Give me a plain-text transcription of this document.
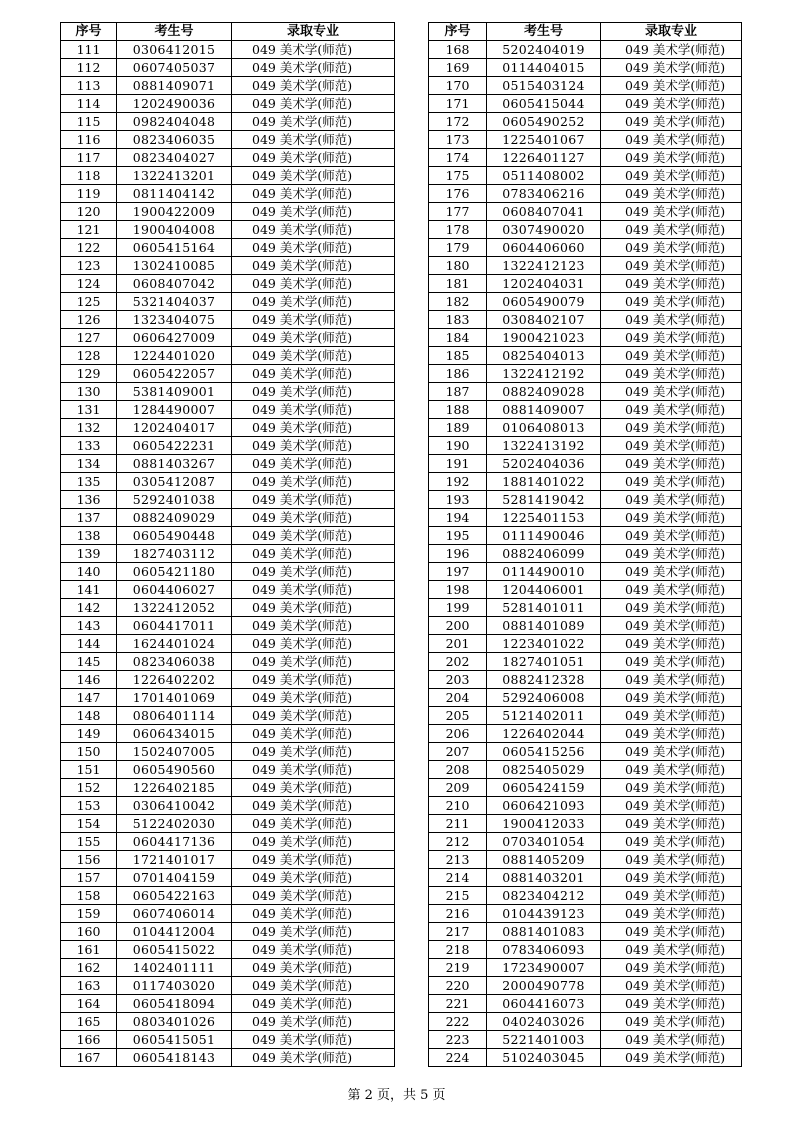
序号	考生号	录取专业
111	0306412015	049 美术学(师范)
112	0607405037	049 美术学(师范)
113	0881409071	049 美术学(师范)
114	1202490036	049 美术学(师范)
115	0982404048	049 美术学(师范)
116	0823406035	049 美术学(师范)
117	0823404027	049 美术学(师范)
118	1322413201	049 美术学(师范)
119	0811404142	049 美术学(师范)
120	1900422009	049 美术学(师范)
121	1900404008	049 美术学(师范)
122	0605415164	049 美术学(师范)
123	1302410085	049 美术学(师范)
124	0608407042	049 美术学(师范)
125	5321404037	049 美术学(师范)
126	1323404075	049 美术学(师范)
127	0606427009	049 美术学(师范)
128	1224401020	049 美术学(师范)
129	0605422057	049 美术学(师范)
130	5381409001	049 美术学(师范)
131	1284490007	049 美术学(师范)
132	1202404017	049 美术学(师范)
133	0605422231	049 美术学(师范)
134	0881403267	049 美术学(师范)
135	0305412087	049 美术学(师范)
136	5292401038	049 美术学(师范)
137	0882409029	049 美术学(师范)
138	0605490448	049 美术学(师范)
139	1827403112	049 美术学(师范)
140	0605421180	049 美术学(师范)
141	0604406027	049 美术学(师范)
142	1322412052	049 美术学(师范)
143	0604417011	049 美术学(师范)
144	1624401024	049 美术学(师范)
145	0823406038	049 美术学(师范)
146	1226402202	049 美术学(师范)
147	1701401069	049 美术学(师范)
148	0806401114	049 美术学(师范)
149	0606434015	049 美术学(师范)
150	1502407005	049 美术学(师范)
151	0605490560	049 美术学(师范)
152	1226402185	049 美术学(师范)
153	0306410042	049 美术学(师范)
154	5122402030	049 美术学(师范)
155	0604417136	049 美术学(师范)
156	1721401017	049 美术学(师范)
157	0701404159	049 美术学(师范)
158	0605422163	049 美术学(师范)
159	0607406014	049 美术学(师范)
160	0104412004	049 美术学(师范)
161	0605415022	049 美术学(师范)
162	1402401111	049 美术学(师范)
163	0117403020	049 美术学(师范)
164	0605418094	049 美术学(师范)
165	0803401026	049 美术学(师范)
166	0605415051	049 美术学(师范)
167	0605418143	049 美术学(师范)
序号	考生号	录取专业
168	5202404019	049 美术学(师范)
169	0114404015	049 美术学(师范)
170	0515403124	049 美术学(师范)
171	0605415044	049 美术学(师范)
172	0605490252	049 美术学(师范)
173	1225401067	049 美术学(师范)
174	1226401127	049 美术学(师范)
175	0511408002	049 美术学(师范)
176	0783406216	049 美术学(师范)
177	0608407041	049 美术学(师范)
178	0307490020	049 美术学(师范)
179	0604406060	049 美术学(师范)
180	1322412123	049 美术学(师范)
181	1202404031	049 美术学(师范)
182	0605490079	049 美术学(师范)
183	0308402107	049 美术学(师范)
184	1900421023	049 美术学(师范)
185	0825404013	049 美术学(师范)
186	1322412192	049 美术学(师范)
187	0882409028	049 美术学(师范)
188	0881409007	049 美术学(师范)
189	0106408013	049 美术学(师范)
190	1322413192	049 美术学(师范)
191	5202404036	049 美术学(师范)
192	1881401022	049 美术学(师范)
193	5281419042	049 美术学(师范)
194	1225401153	049 美术学(师范)
195	0111490046	049 美术学(师范)
196	0882406099	049 美术学(师范)
197	0114490010	049 美术学(师范)
198	1204406001	049 美术学(师范)
199	5281401011	049 美术学(师范)
200	0881401089	049 美术学(师范)
201	1223401022	049 美术学(师范)
202	1827401051	049 美术学(师范)
203	0882412328	049 美术学(师范)
204	5292406008	049 美术学(师范)
205	5121402011	049 美术学(师范)
206	1226402044	049 美术学(师范)
207	0605415256	049 美术学(师范)
208	0825405029	049 美术学(师范)
209	0605424159	049 美术学(师范)
210	0606421093	049 美术学(师范)
211	1900412033	049 美术学(师范)
212	0703401054	049 美术学(师范)
213	0881405209	049 美术学(师范)
214	0881403201	049 美术学(师范)
215	0823404212	049 美术学(师范)
216	0104439123	049 美术学(师范)
217	0881401083	049 美术学(师范)
218	0783406093	049 美术学(师范)
219	1723490007	049 美术学(师范)
220	2000490778	049 美术学(师范)
221	0604416073	049 美术学(师范)
222	0402403026	049 美术学(师范)
223	5221401003	049 美术学(师范)
224	5102403045	049 美术学(师范)
第 2 页，共 5 页
